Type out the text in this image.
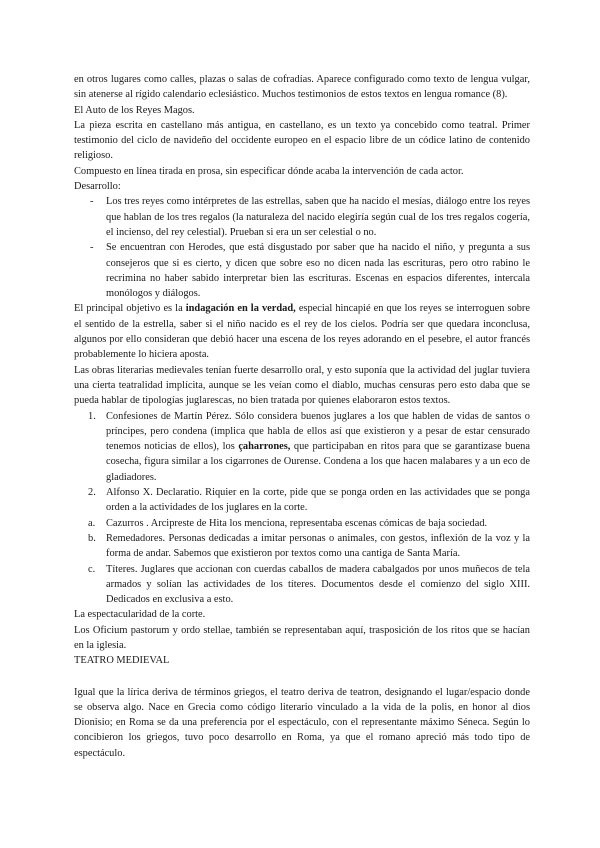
en otros lugares como calles, plazas o salas de cofradías. Aparece configurado como texto de lengua vulgar, sin atenerse al rígido calendario eclesiástico. Muchos testimonios de estos textos en lengua romance (8).

El Auto de los Reyes Magos.

La pieza escrita en castellano más antigua, en castellano, es un texto ya concebido como teatral. Primer testimonio del ciclo de navideño del occidente europeo en el espacio libre de un códice latino de contenido religioso.

Compuesto en línea tirada en prosa, sin especificar dónde acaba la intervención de cada actor.

Desarrollo:

- Los tres reyes como intérpretes de las estrellas, saben que ha nacido el mesías, diálogo entre los reyes que hablan de los tres regalos (la naturaleza del nacido elegiría según cual de los tres regalos cogería, el incienso, del rey celestial). Prueban si era un ser celestial o no.
- Se encuentran con Herodes, que está disgustado por saber que ha nacido el niño, y pregunta a sus consejeros que si es cierto, y dicen que sobre eso no dicen nada las escrituras, pero otro rabino le recrimina no haber sabido interpretar bien las escrituras. Escenas en espacios diferentes, intercala monólogos y diálogos.

El principal objetivo es la indagación en la verdad, especial hincapié en que los reyes se interroguen sobre el sentido de la estrella, saber si el niño nacido es el rey de los cielos. Podría ser que quedara inconclusa, algunos por ello consideran que debió hacer una escena de los reyes adorando en el pesebre, el autor francés probablemente lo hiciera aposta.

Las obras literarias medievales tenían fuerte desarrollo oral, y esto suponía que la actividad del juglar tuviera una cierta teatralidad implícita, aunque se les veían como el diablo, muchas censuras pero esto daba que se pueda hablar de tipologías juglarescas, no bien tratada por quienes elaboraron estos textos.

1. Confesiones de Martín Pérez. Sólo considera buenos juglares a los que hablen de vidas de santos o príncipes, pero condena (implica que habla de ellos así que existieron y a pesar de estar censurado tenemos noticias de ellos), los çaharrones, que participaban en ritos para que se garantizase buena cosecha, figura similar a los cigarrones de Ourense. Condena a los que hacen malabares y a un eco de gladiadores.
2. Alfonso X. Declaratio. Riquier en la corte, pide que se ponga orden en las actividades que se ponga orden a la actividades de los juglares en la corte.
a. Cazurros . Arcipreste de Hita los menciona, representaba escenas cómicas de baja sociedad.
b. Remedadores. Personas dedicadas a imitar personas o animales, con gestos, inflexión de la voz y la forma de andar. Sabemos que existieron por textos como una cantiga de Santa María.
c. Títeres. Juglares que accionan con cuerdas caballos de madera cabalgados por unos muñecos de tela armados y solían las actividades de los títeres. Documentos desde el comienzo del siglo XIII. Dedicados en exclusiva a esto.

La espectacularidad de la corte.

Los Oficium pastorum y ordo stellae, también se representaban aquí, trasposición de los ritos que se hacían en la iglesia.

TEATRO MEDIEVAL

Igual que la lírica deriva de términos griegos, el teatro deriva de teatron, designando el lugar/espacio donde se observa algo. Nace en Grecia como código literario vinculado a la vida de la polis, en honor al dios Dionisio; en Roma se da una preferencia por el espectáculo, con el representante máximo Séneca. Según lo concibieron los griegos, tuvo poco desarrollo en Roma, ya que el romano apreció más todo tipo de espectáculo.
